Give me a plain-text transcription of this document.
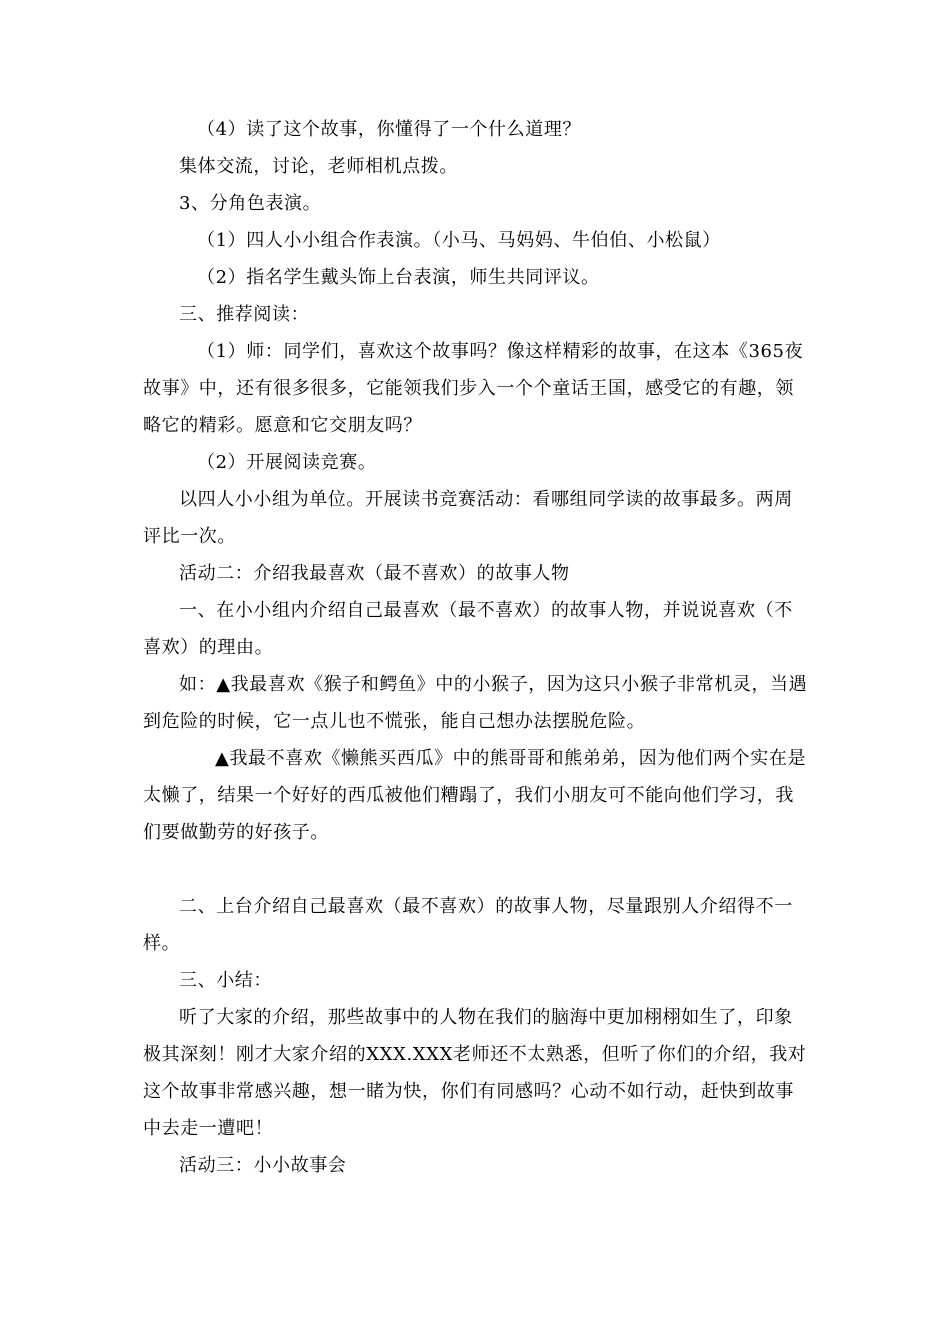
（4）读了这个故事，你懂得了一个什么道理？

集体交流，讨论，老师相机点拨。

3、分角色表演。

（1）四人小小组合作表演。（小马、马妈妈、牛伯伯、小松鼠）

（2）指名学生戴头饰上台表演，师生共同评议。

三、推荐阅读：

（1）师：同学们，喜欢这个故事吗？像这样精彩的故事，在这本《365夜故事》中，还有很多很多，它能领我们步入一个个童话王国，感受它的有趣，领略它的精彩。愿意和它交朋友吗？

（2）开展阅读竞赛。

以四人小小组为单位。开展读书竞赛活动：看哪组同学读的故事最多。两周评比一次。

活动二：介绍我最喜欢（最不喜欢）的故事人物

一、在小小组内介绍自己最喜欢（最不喜欢）的故事人物，并说说喜欢（不喜欢）的理由。

如：▲我最喜欢《猴子和鳄鱼》中的小猴子，因为这只小猴子非常机灵，当遇到危险的时候，它一点儿也不慌张，能自己想办法摆脱危险。

▲我最不喜欢《懒熊买西瓜》中的熊哥哥和熊弟弟，因为他们两个实在是太懒了，结果一个好好的西瓜被他们糟蹋了，我们小朋友可不能向他们学习，我们要做勤劳的好孩子。

二、上台介绍自己最喜欢（最不喜欢）的故事人物，尽量跟别人介绍得不一样。

三、小结：

听了大家的介绍，那些故事中的人物在我们的脑海中更加栩栩如生了，印象极其深刻！刚才大家介绍的XXX.XXX老师还不太熟悉，但听了你们的介绍，我对这个故事非常感兴趣，想一睹为快，你们有同感吗？心动不如行动，赶快到故事中去走一遭吧！

活动三：小小故事会
